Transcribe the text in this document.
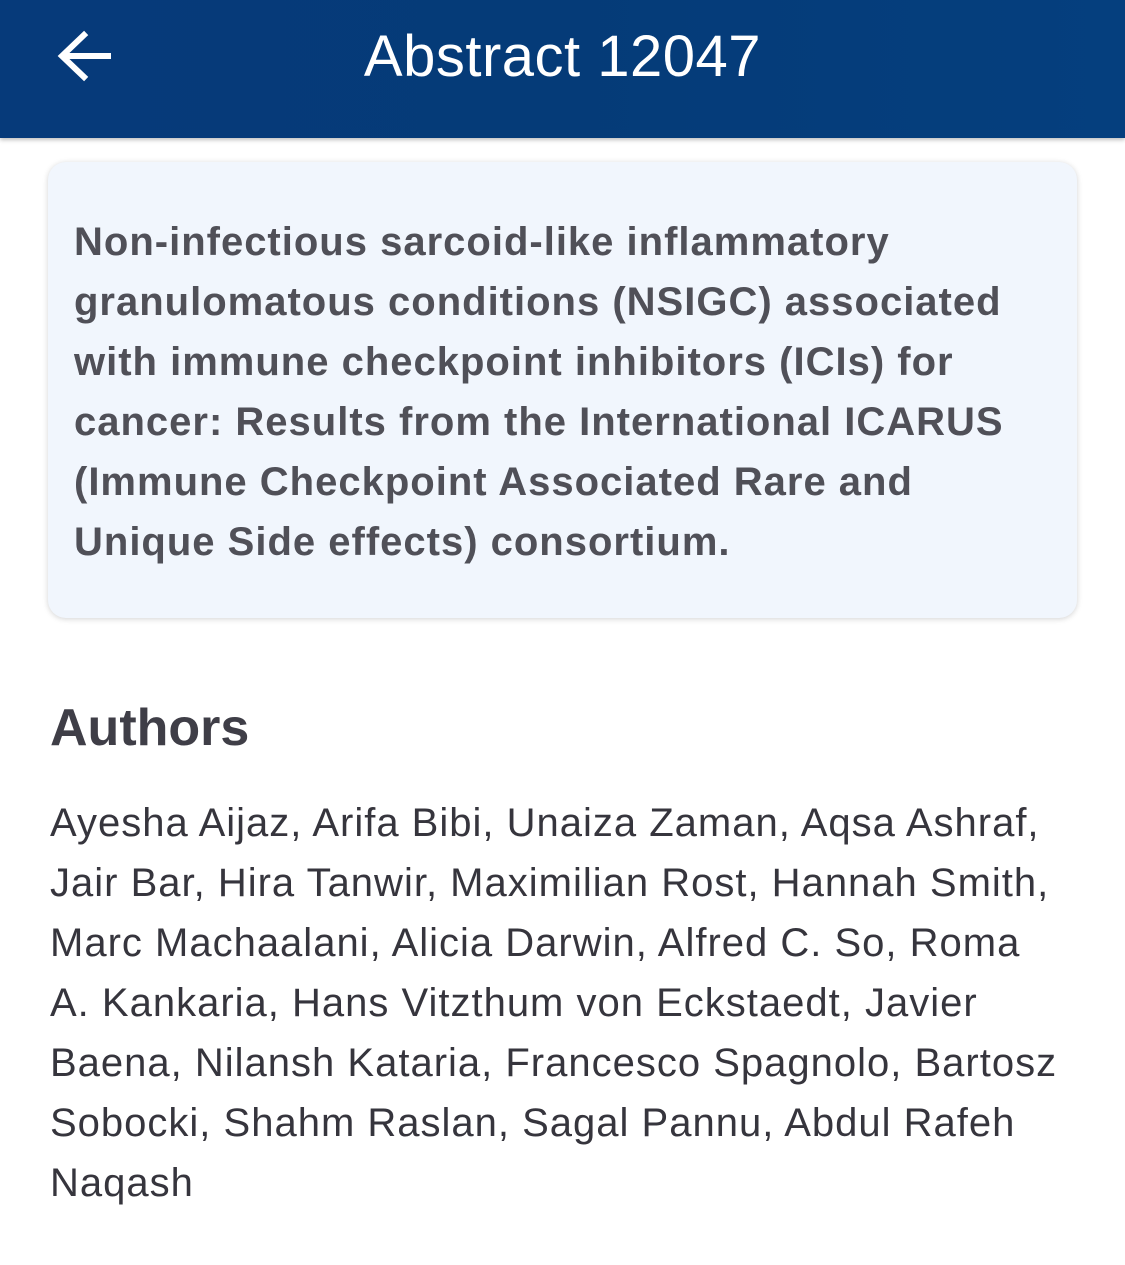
Abstract 12047

Non-infectious sarcoid-like inflammatory granulomatous conditions (NSIGC) associated with immune checkpoint inhibitors (ICIs) for cancer: Results from the International ICARUS (Immune Checkpoint Associated Rare and Unique Side effects) consortium.

Authors

Ayesha Aijaz, Arifa Bibi, Unaiza Zaman, Aqsa Ashraf, Jair Bar, Hira Tanwir, Maximilian Rost, Hannah Smith, Marc Machaalani, Alicia Darwin, Alfred C. So, Roma A. Kankaria, Hans Vitzthum von Eckstaedt, Javier Baena, Nilansh Kataria, Francesco Spagnolo, Bartosz Sobocki, Shahm Raslan, Sagal Pannu, Abdul Rafeh Naqash
